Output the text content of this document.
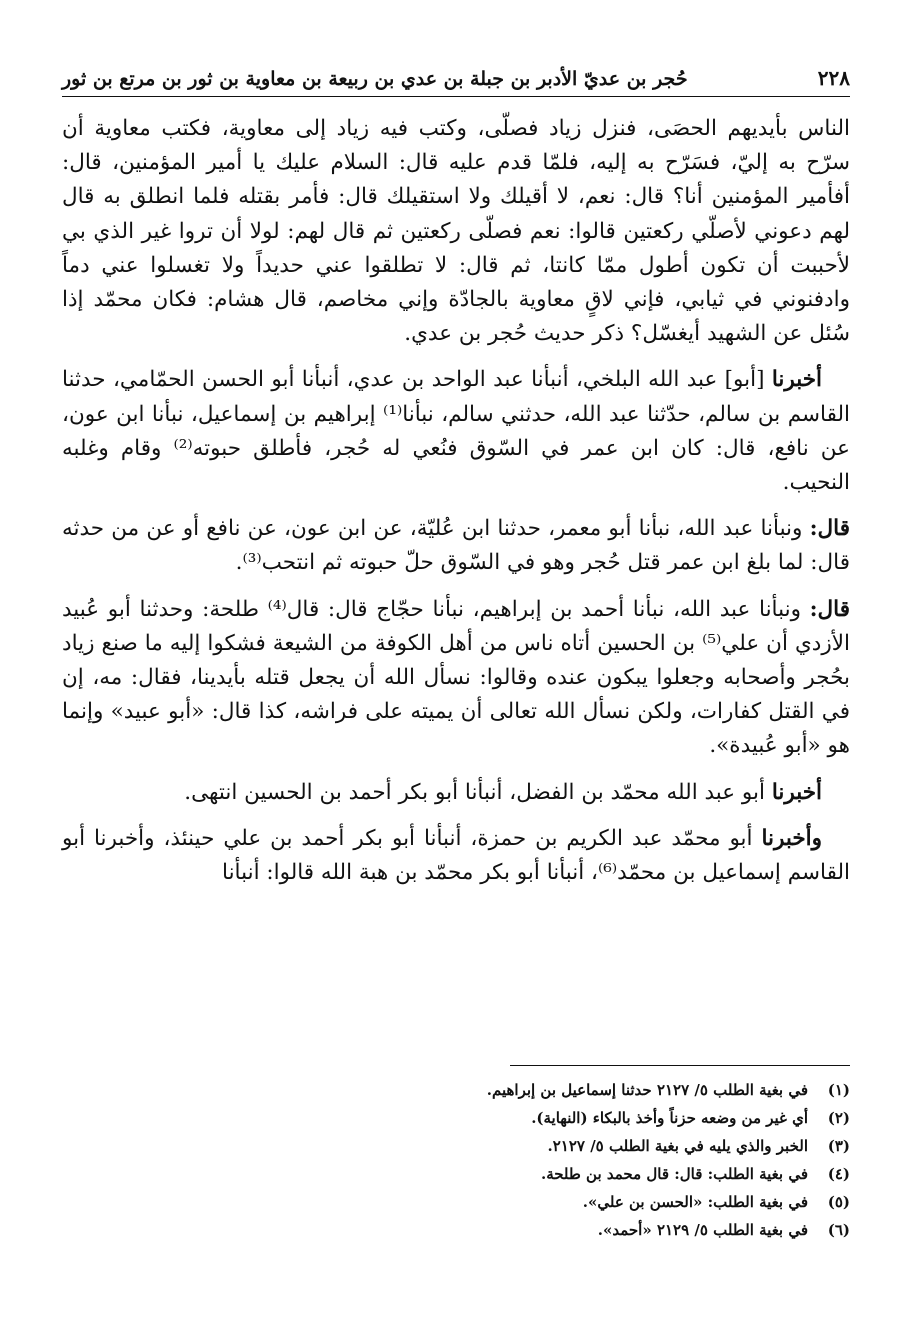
٢٢٨
حُجر بن عديّ الأدبر بن جبلة بن عدي بن ربيعة بن معاوية بن ثور بن مرتع بن ثور

الناس بأيديهم الحصَى، فنزل زياد فصلّى، وكتب فيه زياد إلى معاوية، فكتب معاوية أن سرّح به إليّ، فسَرّح به إليه، فلمّا قدم عليه قال: السلام عليك يا أمير المؤمنين، قال: أفأمير المؤمنين أنا؟ قال: نعم، لا أقيلك ولا استقيلك قال: فأمر بقتله فلما انطلق به قال لهم دعوني لأصلّي ركعتين قالوا: نعم فصلّى ركعتين ثم قال لهم: لولا أن تروا غير الذي بي لأحببت أن تكون أطول ممّا كانتا، ثم قال: لا تطلقوا عني حديداً ولا تغسلوا عني دماً وادفنوني في ثيابي، فإني لاقٍ معاوية بالجادّة وإني مخاصم، قال هشام: فكان محمّد إذا سُئل عن الشهيد أيغسّل؟ ذكر حديث حُجر بن عدي.

أخبرنا [أبو] عبد الله البلخي، أنبأنا عبد الواحد بن عدي، أنبأنا أبو الحسن الحمّامي، حدثنا القاسم بن سالم، حدّثنا عبد الله، حدثني سالم، نبأنا⁽¹⁾ إبراهيم بن إسماعيل، نبأنا ابن عون، عن نافع، قال: كان ابن عمر في السّوق فنُعي له حُجر، فأطلق حبوته⁽²⁾ وقام وغلبه النحيب.

قال: ونبأنا عبد الله، نبأنا أبو معمر، حدثنا ابن عُليّة، عن ابن عون، عن نافع أو عن من حدثه قال: لما بلغ ابن عمر قتل حُجر وهو في السّوق حلّ حبوته ثم انتحب⁽³⁾.

قال: ونبأنا عبد الله، نبأنا أحمد بن إبراهيم، نبأنا حجّاج قال: قال⁽⁴⁾ طلحة: وحدثنا أبو عُبيد الأزدي أن علي⁽⁵⁾ بن الحسين أتاه ناس من أهل الكوفة من الشيعة فشكوا إليه ما صنع زياد بحُجر وأصحابه وجعلوا يبكون عنده وقالوا: نسأل الله أن يجعل قتله بأيدينا، فقال: مه، إن في القتل كفارات، ولكن نسأل الله تعالى أن يميته على فراشه، كذا قال: «أبو عبيد» وإنما هو «أبو عُبيدة».

أخبرنا أبو عبد الله محمّد بن الفضل، أنبأنا أبو بكر أحمد بن الحسين انتهى.

وأخبرنا أبو محمّد عبد الكريم بن حمزة، أنبأنا أبو بكر أحمد بن علي حينئذ، وأخبرنا أبو القاسم إسماعيل بن محمّد⁽⁶⁾، أنبأنا أبو بكر محمّد بن هبة الله قالوا: أنبأنا

(١)
في بغية الطلب ٥/ ٢١٢٧ حدثنا إسماعيل بن إبراهيم.
(٢)
أي غير من وضعه حزناً وأخذ بالبكاء (النهاية).
(٣)
الخبر والذي يليه في بغية الطلب ٥/ ٢١٢٧.
(٤)
في بغية الطلب: قال: قال محمد بن طلحة.
(٥)
في بغية الطلب: «الحسن بن علي».
(٦)
في بغية الطلب ٥/ ٢١٢٩ «أحمد».
